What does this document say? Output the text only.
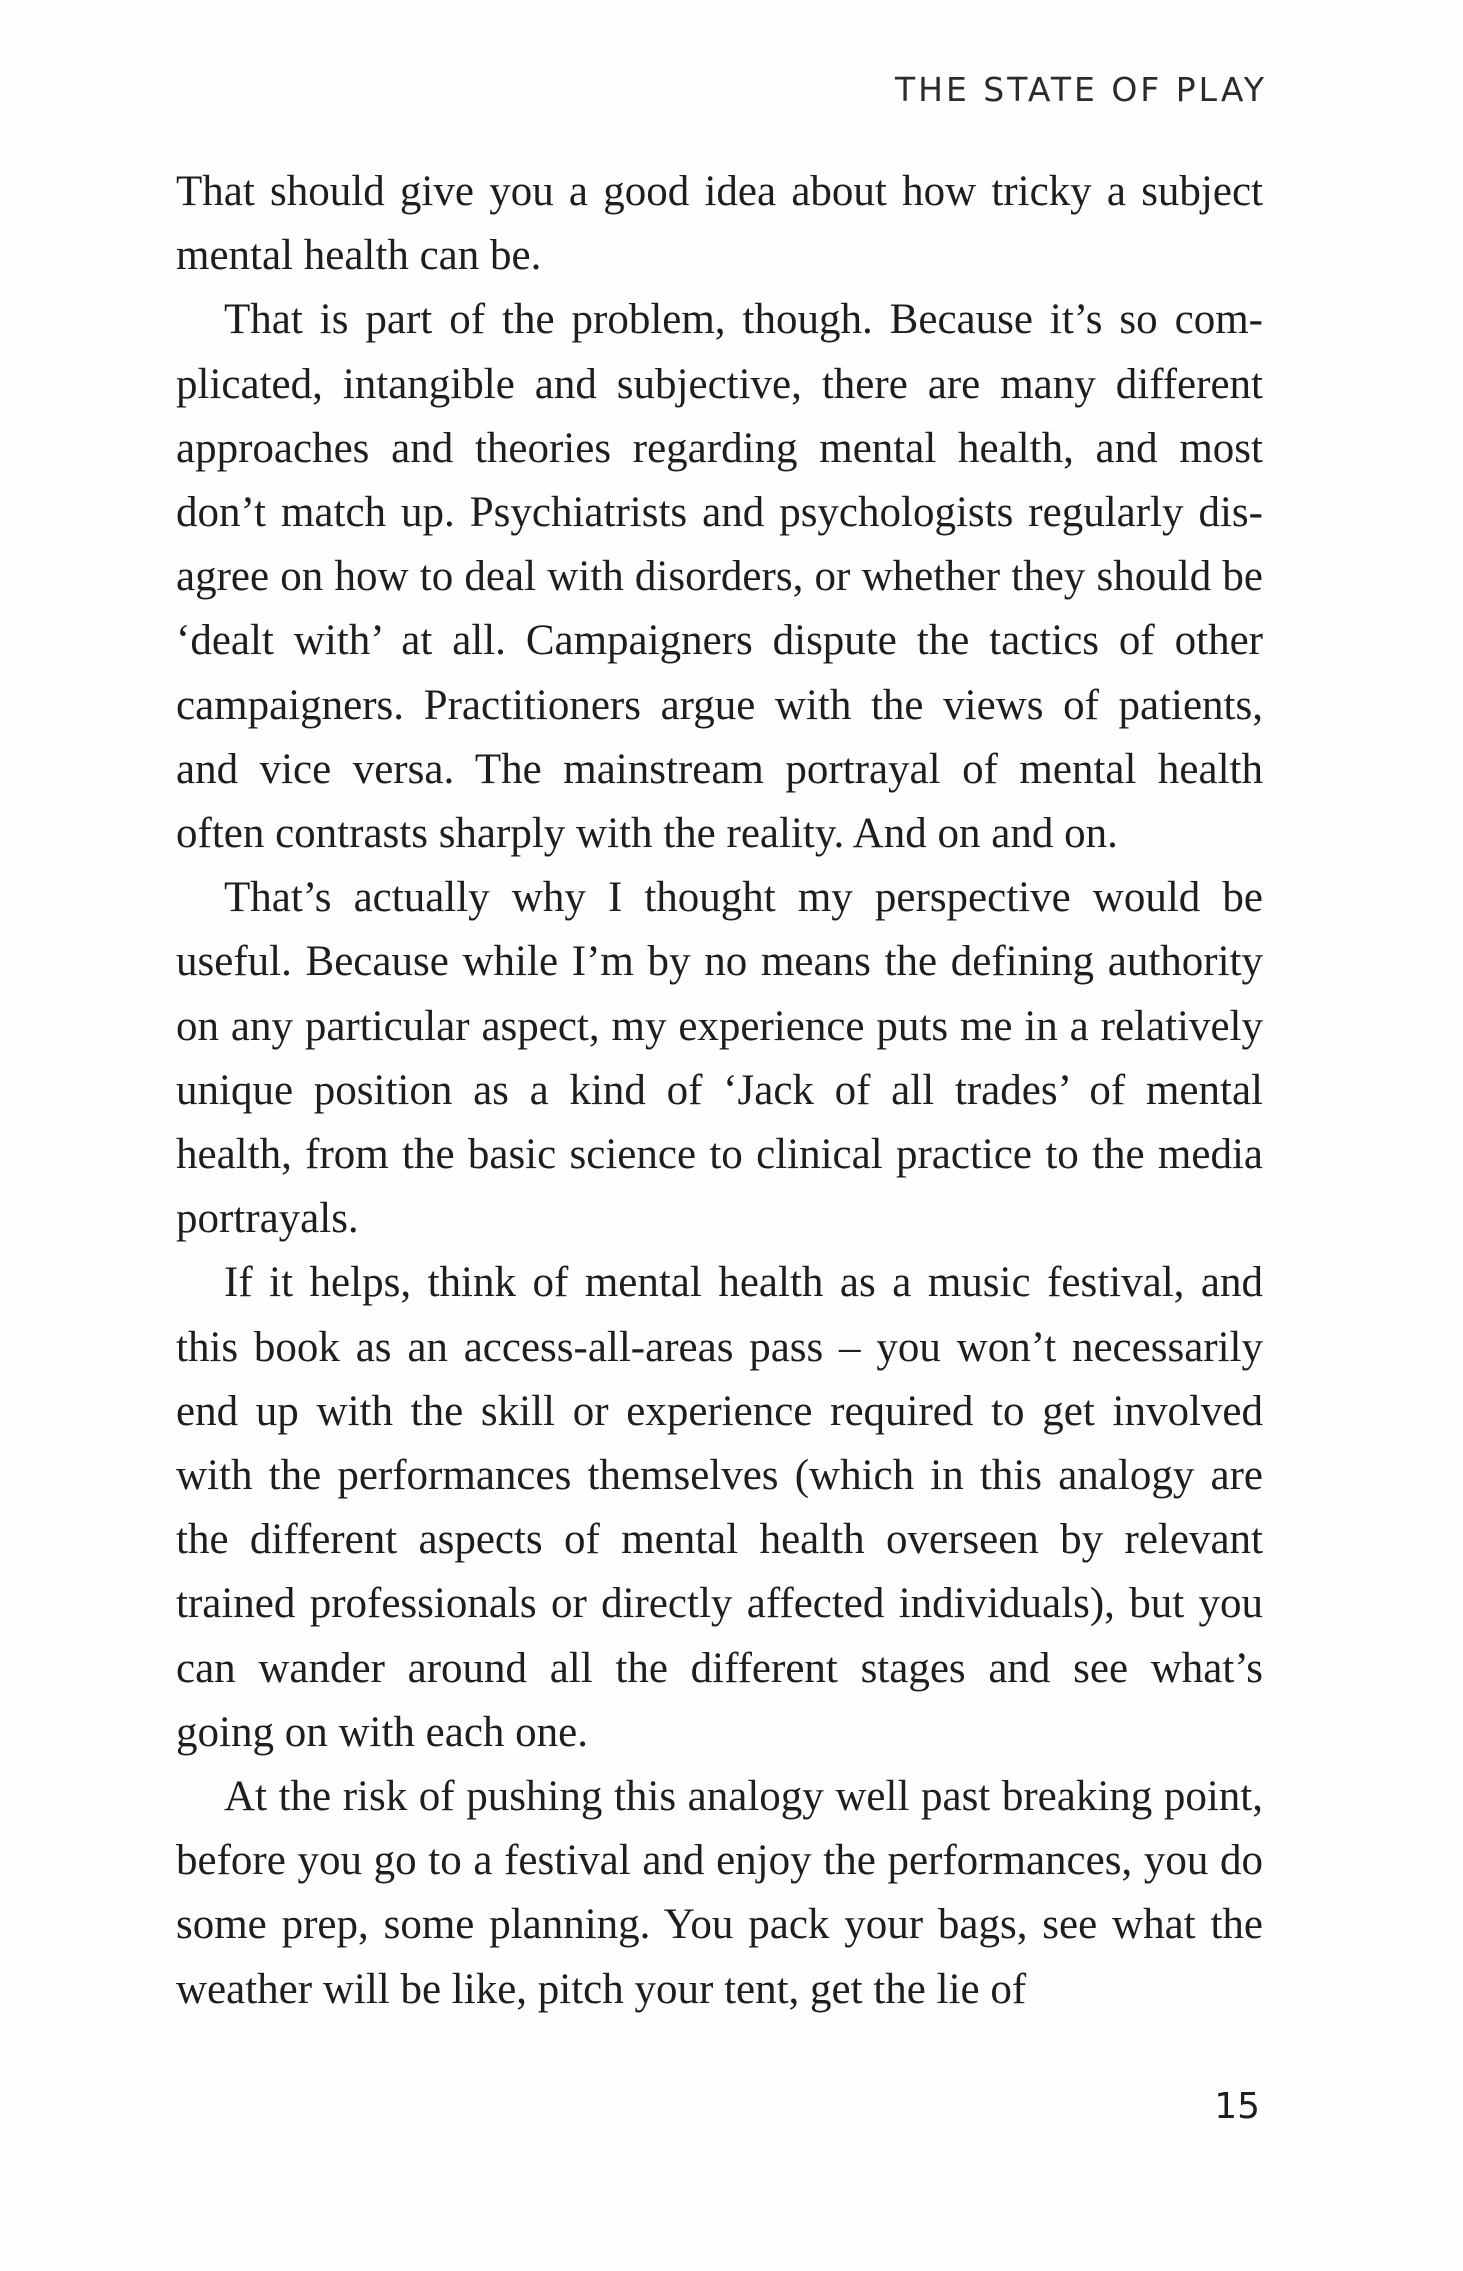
THE STATE OF PLAY

That should give you a good idea about how tricky a subject mental health can be.

That is part of the problem, though. Because it’s so complicated, intangible and subjective, there are many different approaches and theories regarding mental health, and most don’t match up. Psychiatrists and psychologists regularly disagree on how to deal with disorders, or whether they should be ‘dealt with’ at all. Campaigners dispute the tactics of other campaigners. Practitioners argue with the views of patients, and vice versa. The mainstream portrayal of mental health often contrasts sharply with the reality. And on and on.

That’s actually why I thought my perspective would be useful. Because while I’m by no means the defining authority on any particular aspect, my experience puts me in a relatively unique position as a kind of ‘Jack of all trades’ of mental health, from the basic science to clinical practice to the media portrayals.

If it helps, think of mental health as a music festival, and this book as an access-all-areas pass – you won’t necessarily end up with the skill or experience required to get involved with the performances themselves (which in this analogy are the different aspects of mental health overseen by relevant trained professionals or directly affected individuals), but you can wander around all the different stages and see what’s going on with each one.

At the risk of pushing this analogy well past breaking point, before you go to a festival and enjoy the performances, you do some prep, some planning. You pack your bags, see what the weather will be like, pitch your tent, get the lie of

15
